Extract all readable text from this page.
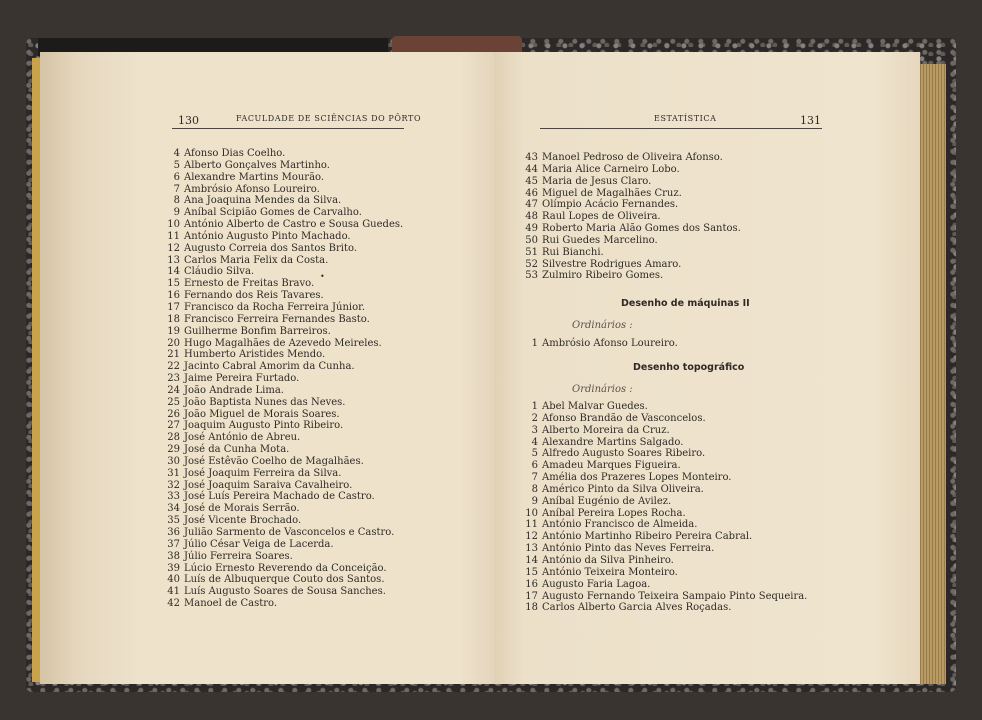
130	FACULDADE DE SCIÊNCIAS DO PÔRTO
•
4 Afonso Dias Coelho.
5 Alberto Gonçalves Martinho.
6 Alexandre Martins Mourão.
7 Ambrósio Afonso Loureiro.
8 Ana Joaquina Mendes da Silva.
9 Aníbal Scipião Gomes de Carvalho.
10 António Alberto de Castro e Sousa Guedes.
11 António Augusto Pinto Machado.
12 Augusto Correia dos Santos Brito.
13 Carlos Maria Felix da Costa.
14 Cláudio Silva.
15 Ernesto de Freitas Bravo.
16 Fernando dos Reis Tavares.
17 Francisco da Rocha Ferreira Júnior.
18 Francisco Ferreira Fernandes Basto.
19 Guilherme Bonfim Barreiros.
20 Hugo Magalhães de Azevedo Meireles.
21 Humberto Aristides Mendo.
22 Jacinto Cabral Amorim da Cunha.
23 Jaime Pereira Furtado.
24 João Andrade Lima.
25 João Baptista Nunes das Neves.
26 João Miguel de Morais Soares.
27 Joaquim Augusto Pinto Ribeiro.
28 José António de Abreu.
29 José da Cunha Mota.
30 José Estêvão Coelho de Magalhães.
31 José Joaquim Ferreira da Silva.
32 José Joaquim Saraiva Cavalheiro.
33 José Luís Pereira Machado de Castro.
34 José de Morais Serrão.
35 José Vicente Brochado.
36 Julião Sarmento de Vasconcelos e Castro.
37 Júlio César Veiga de Lacerda.
38 Júlio Ferreira Soares.
39 Lúcio Ernesto Reverendo da Conceição.
40 Luís de Albuquerque Couto dos Santos.
41 Luís Augusto Soares de Sousa Sanches.
42 Manoel de Castro.
ESTATÍSTICA	131
43 Manoel Pedroso de Oliveira Afonso.
44 Maria Alice Carneiro Lobo.
45 Maria de Jesus Claro.
46 Miguel de Magalhães Cruz.
47 Olímpio Acácio Fernandes.
48 Raul Lopes de Oliveira.
49 Roberto Maria Alão Gomes dos Santos.
50 Rui Guedes Marcelino.
51 Rui Bianchi.
52 Silvestre Rodrigues Amaro.
53 Zulmiro Ribeiro Gomes.
Desenho de máquinas II
Ordinários :
1 Ambrósio Afonso Loureiro.
Desenho topográfico
Ordinários :
1 Abel Malvar Guedes.
2 Afonso Brandão de Vasconcelos.
3 Alberto Moreira da Cruz.
4 Alexandre Martins Salgado.
5 Alfredo Augusto Soares Ribeiro.
6 Amadeu Marques Figueira.
7 Amélia dos Prazeres Lopes Monteiro.
8 Américo Pinto da Silva Oliveira.
9 Aníbal Eugénio de Avilez.
10 Aníbal Pereira Lopes Rocha.
11 António Francisco de Almeida.
12 António Martinho Ribeiro Pereira Cabral.
13 António Pinto das Neves Ferreira.
14 António da Silva Pinheiro.
15 António Teixeira Monteiro.
16 Augusto Faria Lagoa.
17 Augusto Fernando Teixeira Sampaio Pinto Sequeira.
18 Carlos Alberto Garcia Alves Roçadas.
